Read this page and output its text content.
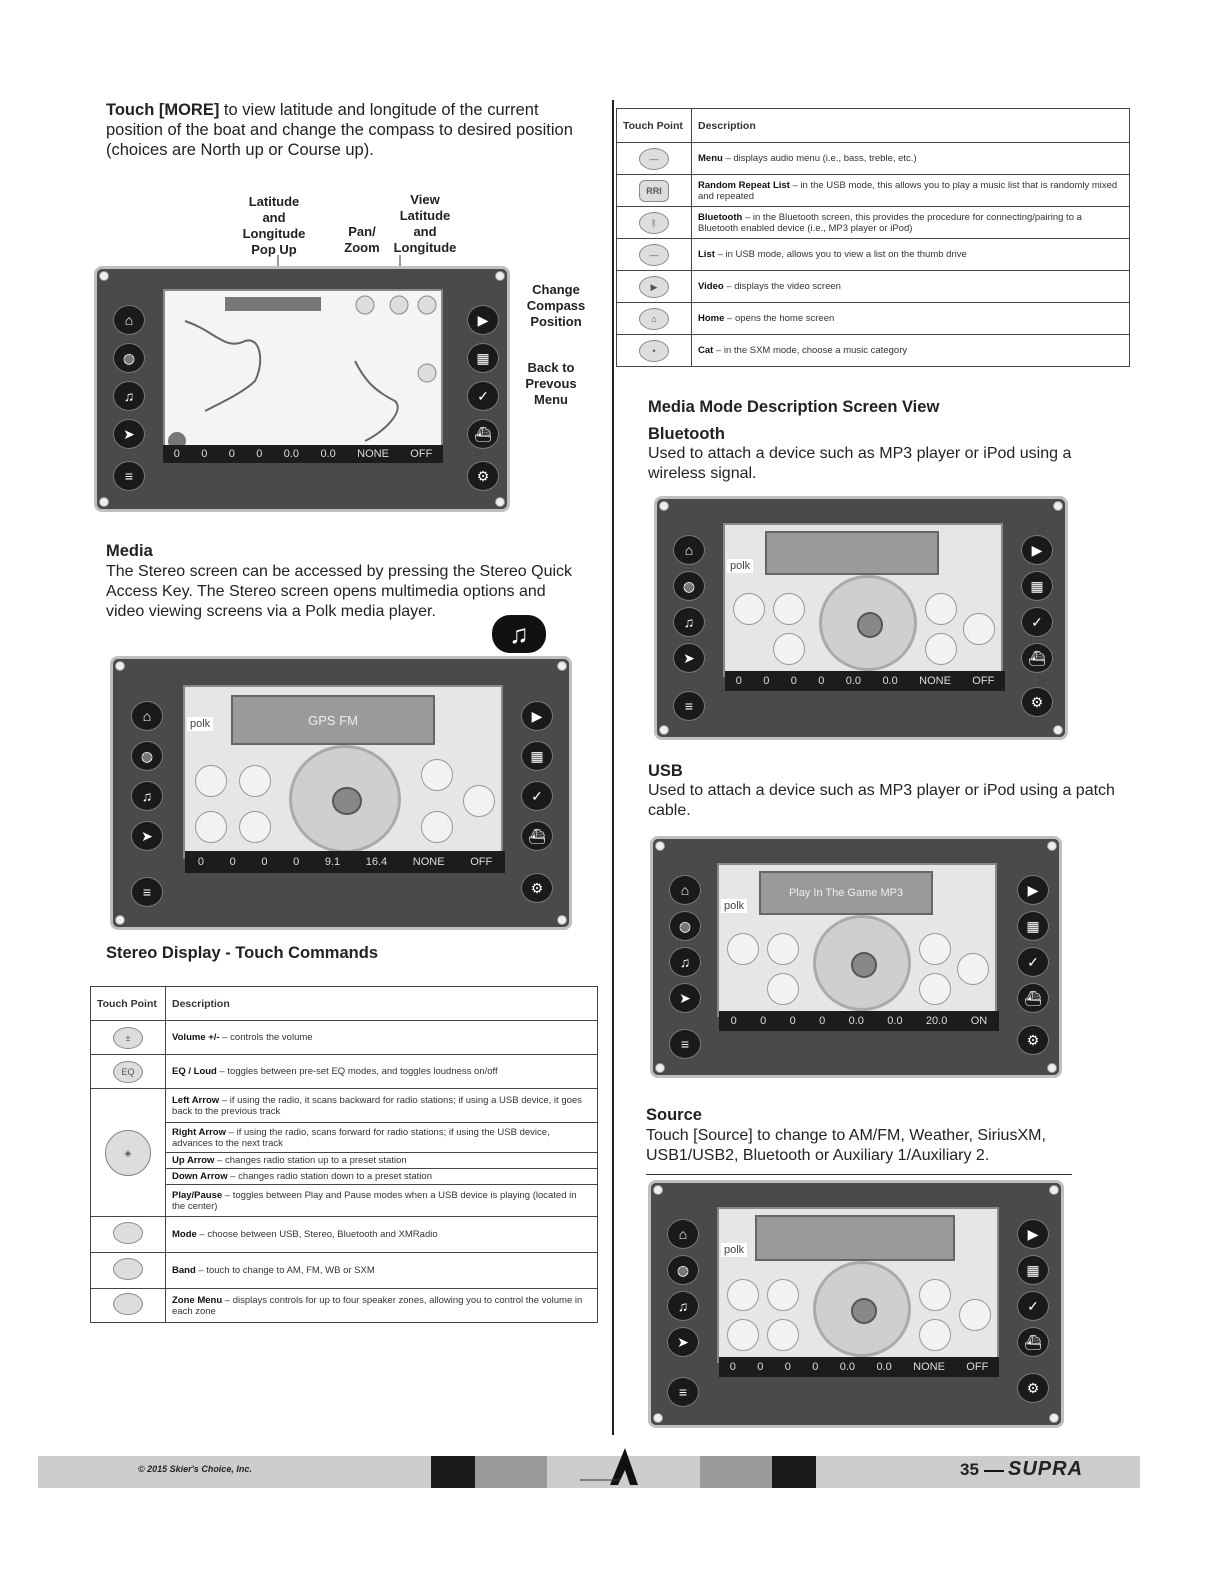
Touch [MORE] to view latitude and longitude of the current position of the boat and change the compass to desired position (choices are North up or Course up).
Latitude and Longitude Pop Up
Pan/ Zoom
View Latitude and Longitude
Change Compass Position
Back to Prevous Menu
⌂
◍
♫
➤
≡
▶
▦
✓
⛴
⚙
0 0 0 0 0.0 0.0 NONE OFF
Media
The Stereo screen can be accessed by pressing the Stereo Quick Access Key. The Stereo screen opens multimedia options and video viewing screens via a Polk media player.
♫
⌂
◍
♫
➤
≡
▶
▦
✓
⛴
⚙
GPS FM
polk
0 0 0 0 9.1 16.4 NONE OFF
Stereo Display - Touch Commands
Touch Point	Description
±	Volume +/- – controls the volume
EQ	EQ / Loud – toggles between pre-set EQ modes, and toggles loudness on/off
◈	Left Arrow – if using the radio, it scans backward for radio stations; if using a USB device, it goes back to the previous track
	Right Arrow – if using the radio, scans forward for radio stations; if using the USB device, advances to the next track
	Up Arrow – changes radio station up to a preset station
	Down Arrow – changes radio station down to a preset station
	Play/Pause – toggles between Play and Pause modes when a USB device is playing (located in the center)
	Mode – choose between USB, Stereo, Bluetooth and XMRadio
	Band – touch to change to AM, FM, WB or SXM
	Zone Menu – displays controls for up to four speaker zones, allowing you to control the volume in each zone
Touch Point	Description
—	Menu – displays audio menu (i.e., bass, treble, etc.)
RRI	Random Repeat List – in the USB mode, this allows you to play a music list that is randomly mixed and repeated
ᛒ	Bluetooth – in the Bluetooth screen, this provides the procedure for connecting/pairing to a Bluetooth enabled device (i.e., MP3 player or iPod)
—	List – in USB mode, allows you to view a list on the thumb drive
▶	Video – displays the video screen
⌂	Home – opens the home screen
•	Cat – in the SXM mode, choose a music category
Media Mode Description Screen View
Bluetooth
Used to attach a device such as MP3 player or iPod using a wireless signal.
⌂
◍
♫
➤
≡
▶
▦
✓
⛴
⚙
polk
0 0 0 0 0.0 0.0 NONE OFF
USB
Used to attach a device such as MP3 player or iPod using a patch cable.
⌂
◍
♫
➤
≡
▶
▦
✓
⛴
⚙
Play In The Game MP3
polk
0 0 0 0 0.0 0.0 20.0 ON
Source
Touch [Source] to change to AM/FM, Weather, SiriusXM, USB1/USB2, Bluetooth or Auxiliary 1/Auxiliary 2.
⌂
◍
♫
➤
≡
▶
▦
✓
⛴
⚙
polk
0 0 0 0 0.0 0.0 NONE OFF
© 2015 Skier's Choice, Inc.	35 SUPRA
